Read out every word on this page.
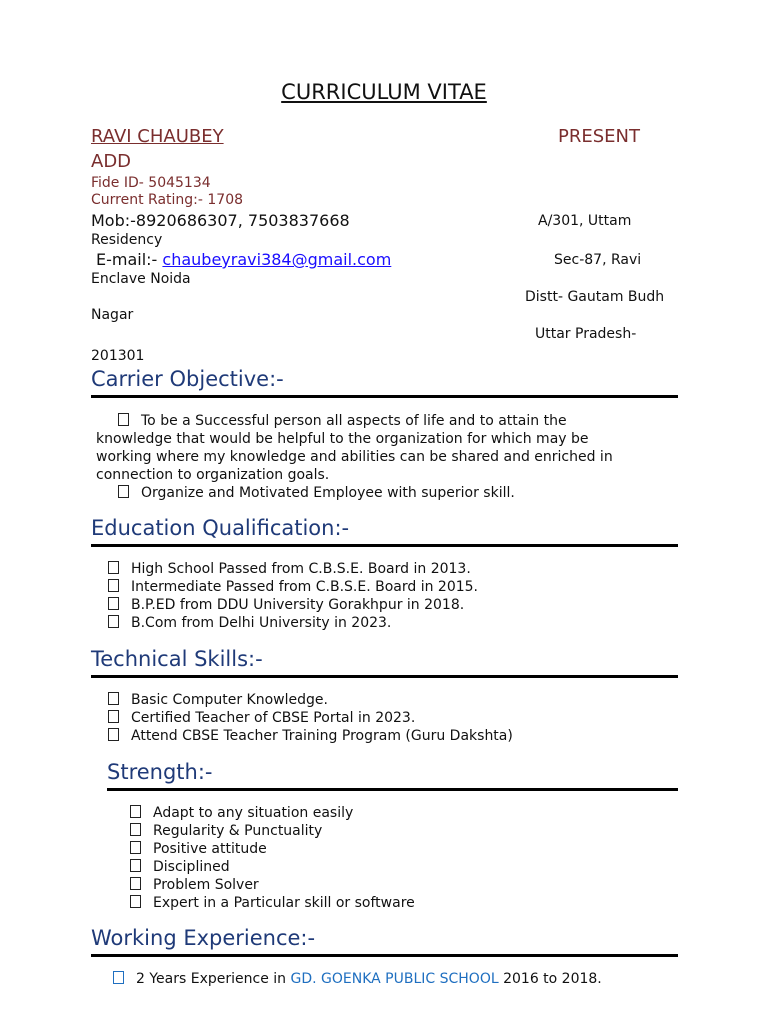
CURRICULUM VITAE
RAVI CHAUBEY	PRESENT
ADD
Fide ID- 5045134
Current Rating:- 1708
Mob:-8920686307, 7503837668	A/301, Uttam
Residency
E-mail:- chaubeyravi384@gmail.com	Sec-87, Ravi
Enclave Noida
Distt- Gautam Budh
Nagar
Uttar Pradesh-
201301
Carrier Objective:-
To be a Successful person all aspects of life and to attain the
knowledge that would be helpful to the organization for which may be
working where my knowledge and abilities can be shared and enriched in
connection to organization goals.
Organize and Motivated Employee with superior skill.
Education Qualification:-
High School Passed from C.B.S.E. Board in 2013.
Intermediate Passed from C.B.S.E. Board in 2015.
B.P.ED from DDU University Gorakhpur in 2018.
B.Com from Delhi University in 2023.
Technical Skills:-
Basic Computer Knowledge.
Certified Teacher of CBSE Portal in 2023.
Attend CBSE Teacher Training Program (Guru Dakshta)
Strength:-
Adapt to any situation easily
Regularity & Punctuality
Positive attitude
Disciplined
Problem Solver
Expert in a Particular skill or software
Working Experience:-
2 Years Experience in GD. GOENKA PUBLIC SCHOOL 2016 to 2018.
